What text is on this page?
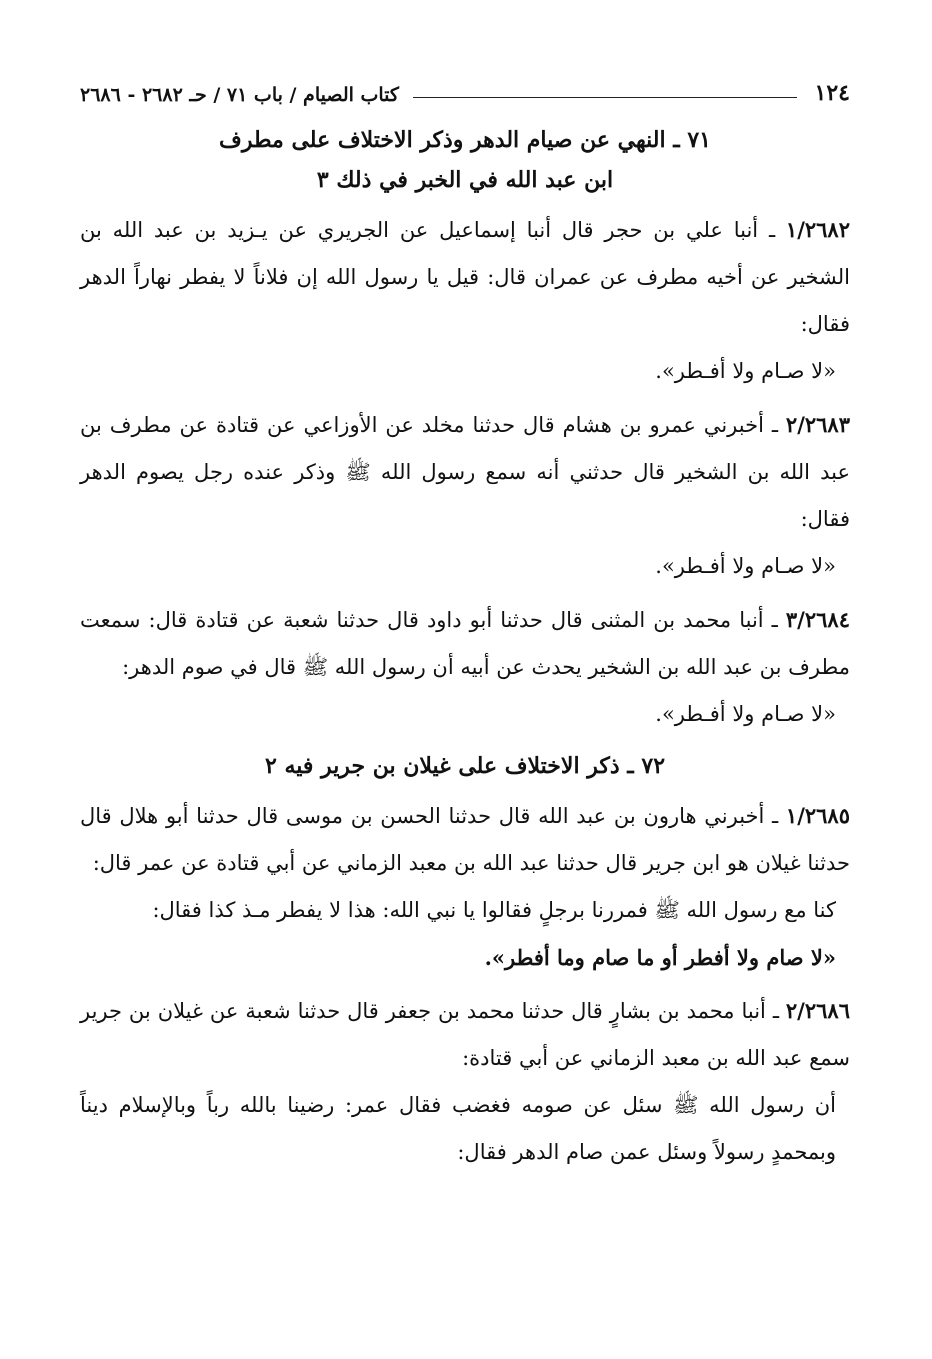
١٢٤
كتاب الصيام / باب ٧١ / حـ ٢٦٨٢ - ٢٦٨٦
٧١ ـ النهي عن صيام الدهر وذكر الاختلاف على مطرف
ابن عبد الله في الخبر في ذلك ٣

١/٢٦٨٢ ـ أنبا علي بن حجر قال أنبا إسماعيل عن الجريري عن يـزيد بن عبد الله بن الشخير عن أخيه مطرف عن عمران قال: قيل يا رسول الله إن فلاناً لا يفطر نهاراً الدهر فقال:

«لا صـام ولا أفـطر».

٢/٢٦٨٣ ـ أخبرني عمرو بن هشام قال حدثنا مخلد عن الأوزاعي عن قتادة عن مطرف بن عبد الله بن الشخير قال حدثني أنه سمع رسول الله ﷺ وذكر عنده رجل يصوم الدهر فقال:

«لا صـام ولا أفـطر».

٣/٢٦٨٤ ـ أنبا محمد بن المثنى قال حدثنا أبو داود قال حدثنا شعبة عن قتادة قال: سمعت مطرف بن عبد الله بن الشخير يحدث عن أبيه أن رسول الله ﷺ قال في صوم الدهر:

«لا صـام ولا أفـطر».
٧٢ ـ ذكر الاختلاف على غيلان بن جرير فيه ٢

١/٢٦٨٥ ـ أخبرني هارون بن عبد الله قال حدثنا الحسن بن موسى قال حدثنا أبو هلال قال حدثنا غيلان هو ابن جرير قال حدثنا عبد الله بن معبد الزماني عن أبي قتادة عن عمر قال:

كنا مع رسول الله ﷺ فمررنا برجلٍ فقالوا يا نبي الله: هذا لا يفطر مـذ كذا فقال:

«لا صام ولا أفطر أو ما صام وما أفطر».

٢/٢٦٨٦ ـ أنبا محمد بن بشارٍ قال حدثنا محمد بن جعفر قال حدثنا شعبة عن غيلان بن جرير سمع عبد الله بن معبد الزماني عن أبي قتادة:

أن رسول الله ﷺ سئل عن صومه فغضب فقال عمر: رضينا بالله رباً وبالإسلام ديناً وبمحمدٍ رسولاً وسئل عمن صام الدهر فقال:
